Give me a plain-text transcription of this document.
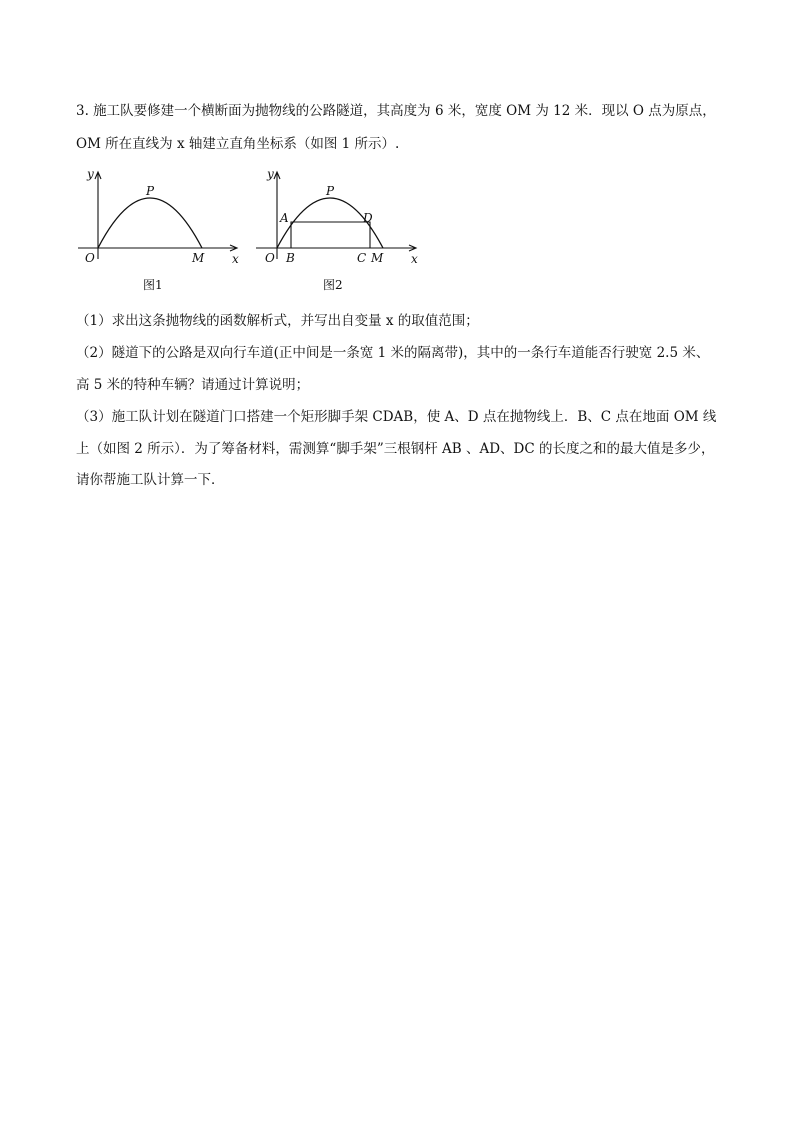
3. 施工队要修建一个横断面为抛物线的公路隧道，其高度为 6 米，宽度 OM 为 12 米．现以 O 点为原点，
OM 所在直线为 x 轴建立直角坐标系（如图 1 所示）.
y
x
O
P
M
图1
y
x
O
P
A	D
B	C M
图2
（1）求出这条抛物线的函数解析式，并写出自变量 x 的取值范围；
（2）隧道下的公路是双向行车道(正中间是一条宽 1 米的隔离带)，其中的一条行车道能否行驶宽 2.5 米、
高 5 米的特种车辆？请通过计算说明；
（3）施工队计划在隧道门口搭建一个矩形脚手架 CDAB，使 A、D 点在抛物线上．B、C 点在地面 OM 线
上（如图 2 所示）．为了筹备材料，需测算“脚手架”三根钢杆 AB 、AD、DC 的长度之和的最大值是多少，
请你帮施工队计算一下．
